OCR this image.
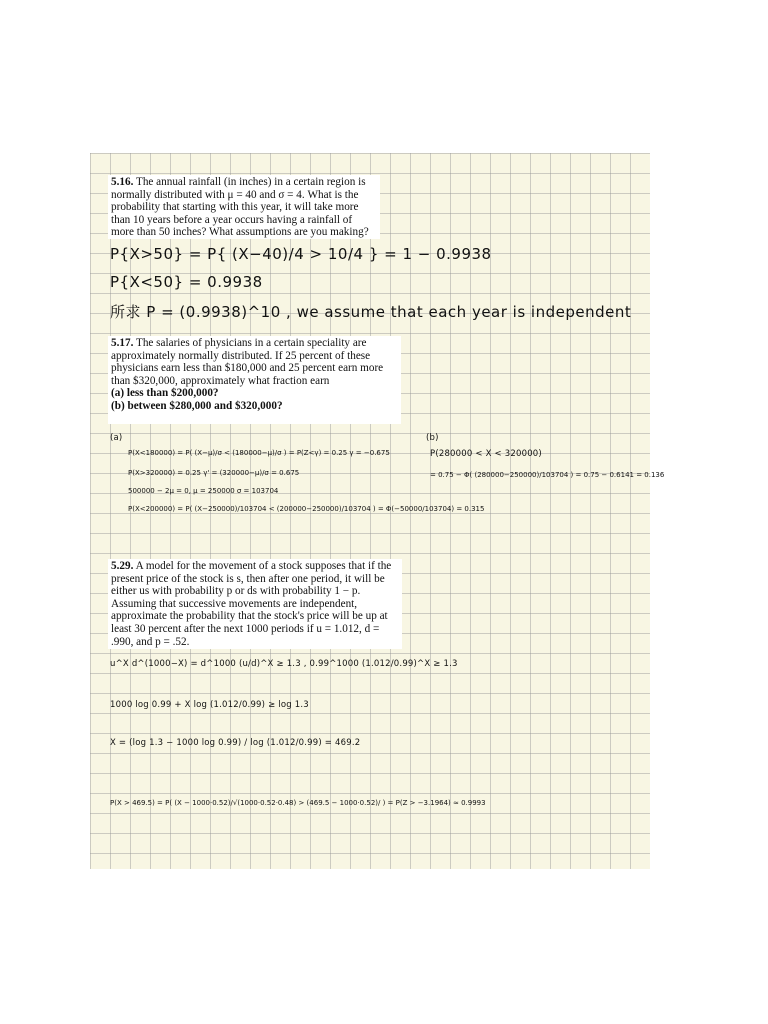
5.16. The annual rainfall (in inches) in a certain region is normally distributed with μ = 40 and σ = 4. What is the probability that starting with this year, it will take more than 10 years before a year occurs having a rainfall of more than 50 inches? What assumptions are you making?

P{X>50} = P{ (X−40)/4 > 10/4 } = 1 − 0.9938

P{X<50} = 0.9938

所求 P = (0.9938)^10 , we assume that each year is independent

5.17. The salaries of physicians in a certain speciality are approximately normally distributed. If 25 percent of these physicians earn less than $180,000 and 25 percent earn more than $320,000, approximately what fraction earn
(a) less than $200,000?
(b) between $280,000 and $320,000?

(a)	(b)

P(X<180000) = P( (X−μ)/σ < (180000−μ)/σ ) = P(Z<γ) = 0.25 γ = −0.675

P(X>320000) = 0.25 γ' = (320000−μ)/σ = 0.675

500000 − 2μ = 0, μ = 250000 σ = 103704

P(X<200000) = P( (X−250000)/103704 < (200000−250000)/103704 ) = Φ(−50000/103704) = 0.315

P(280000 < X < 320000)

= 0.75 − Φ( (280000−250000)/103704 ) = 0.75 − 0.6141 = 0.136

5.29. A model for the movement of a stock supposes that if the present price of the stock is s, then after one period, it will be either us with probability p or ds with probability 1 − p. Assuming that successive movements are independent, approximate the probability that the stock's price will be up at least 30 percent after the next 1000 periods if u = 1.012, d = .990, and p = .52.

u^X d^(1000−X) = d^1000 (u/d)^X ≥ 1.3 , 0.99^1000 (1.012/0.99)^X ≥ 1.3

1000 log 0.99 + X log (1.012/0.99) ≥ log 1.3

X = (log 1.3 − 1000 log 0.99) / log (1.012/0.99) = 469.2

P(X > 469.5) = P( (X − 1000·0.52)/√(1000·0.52·0.48) > (469.5 − 1000·0.52)/ ) = P(Z > −3.1964) ≈ 0.9993
